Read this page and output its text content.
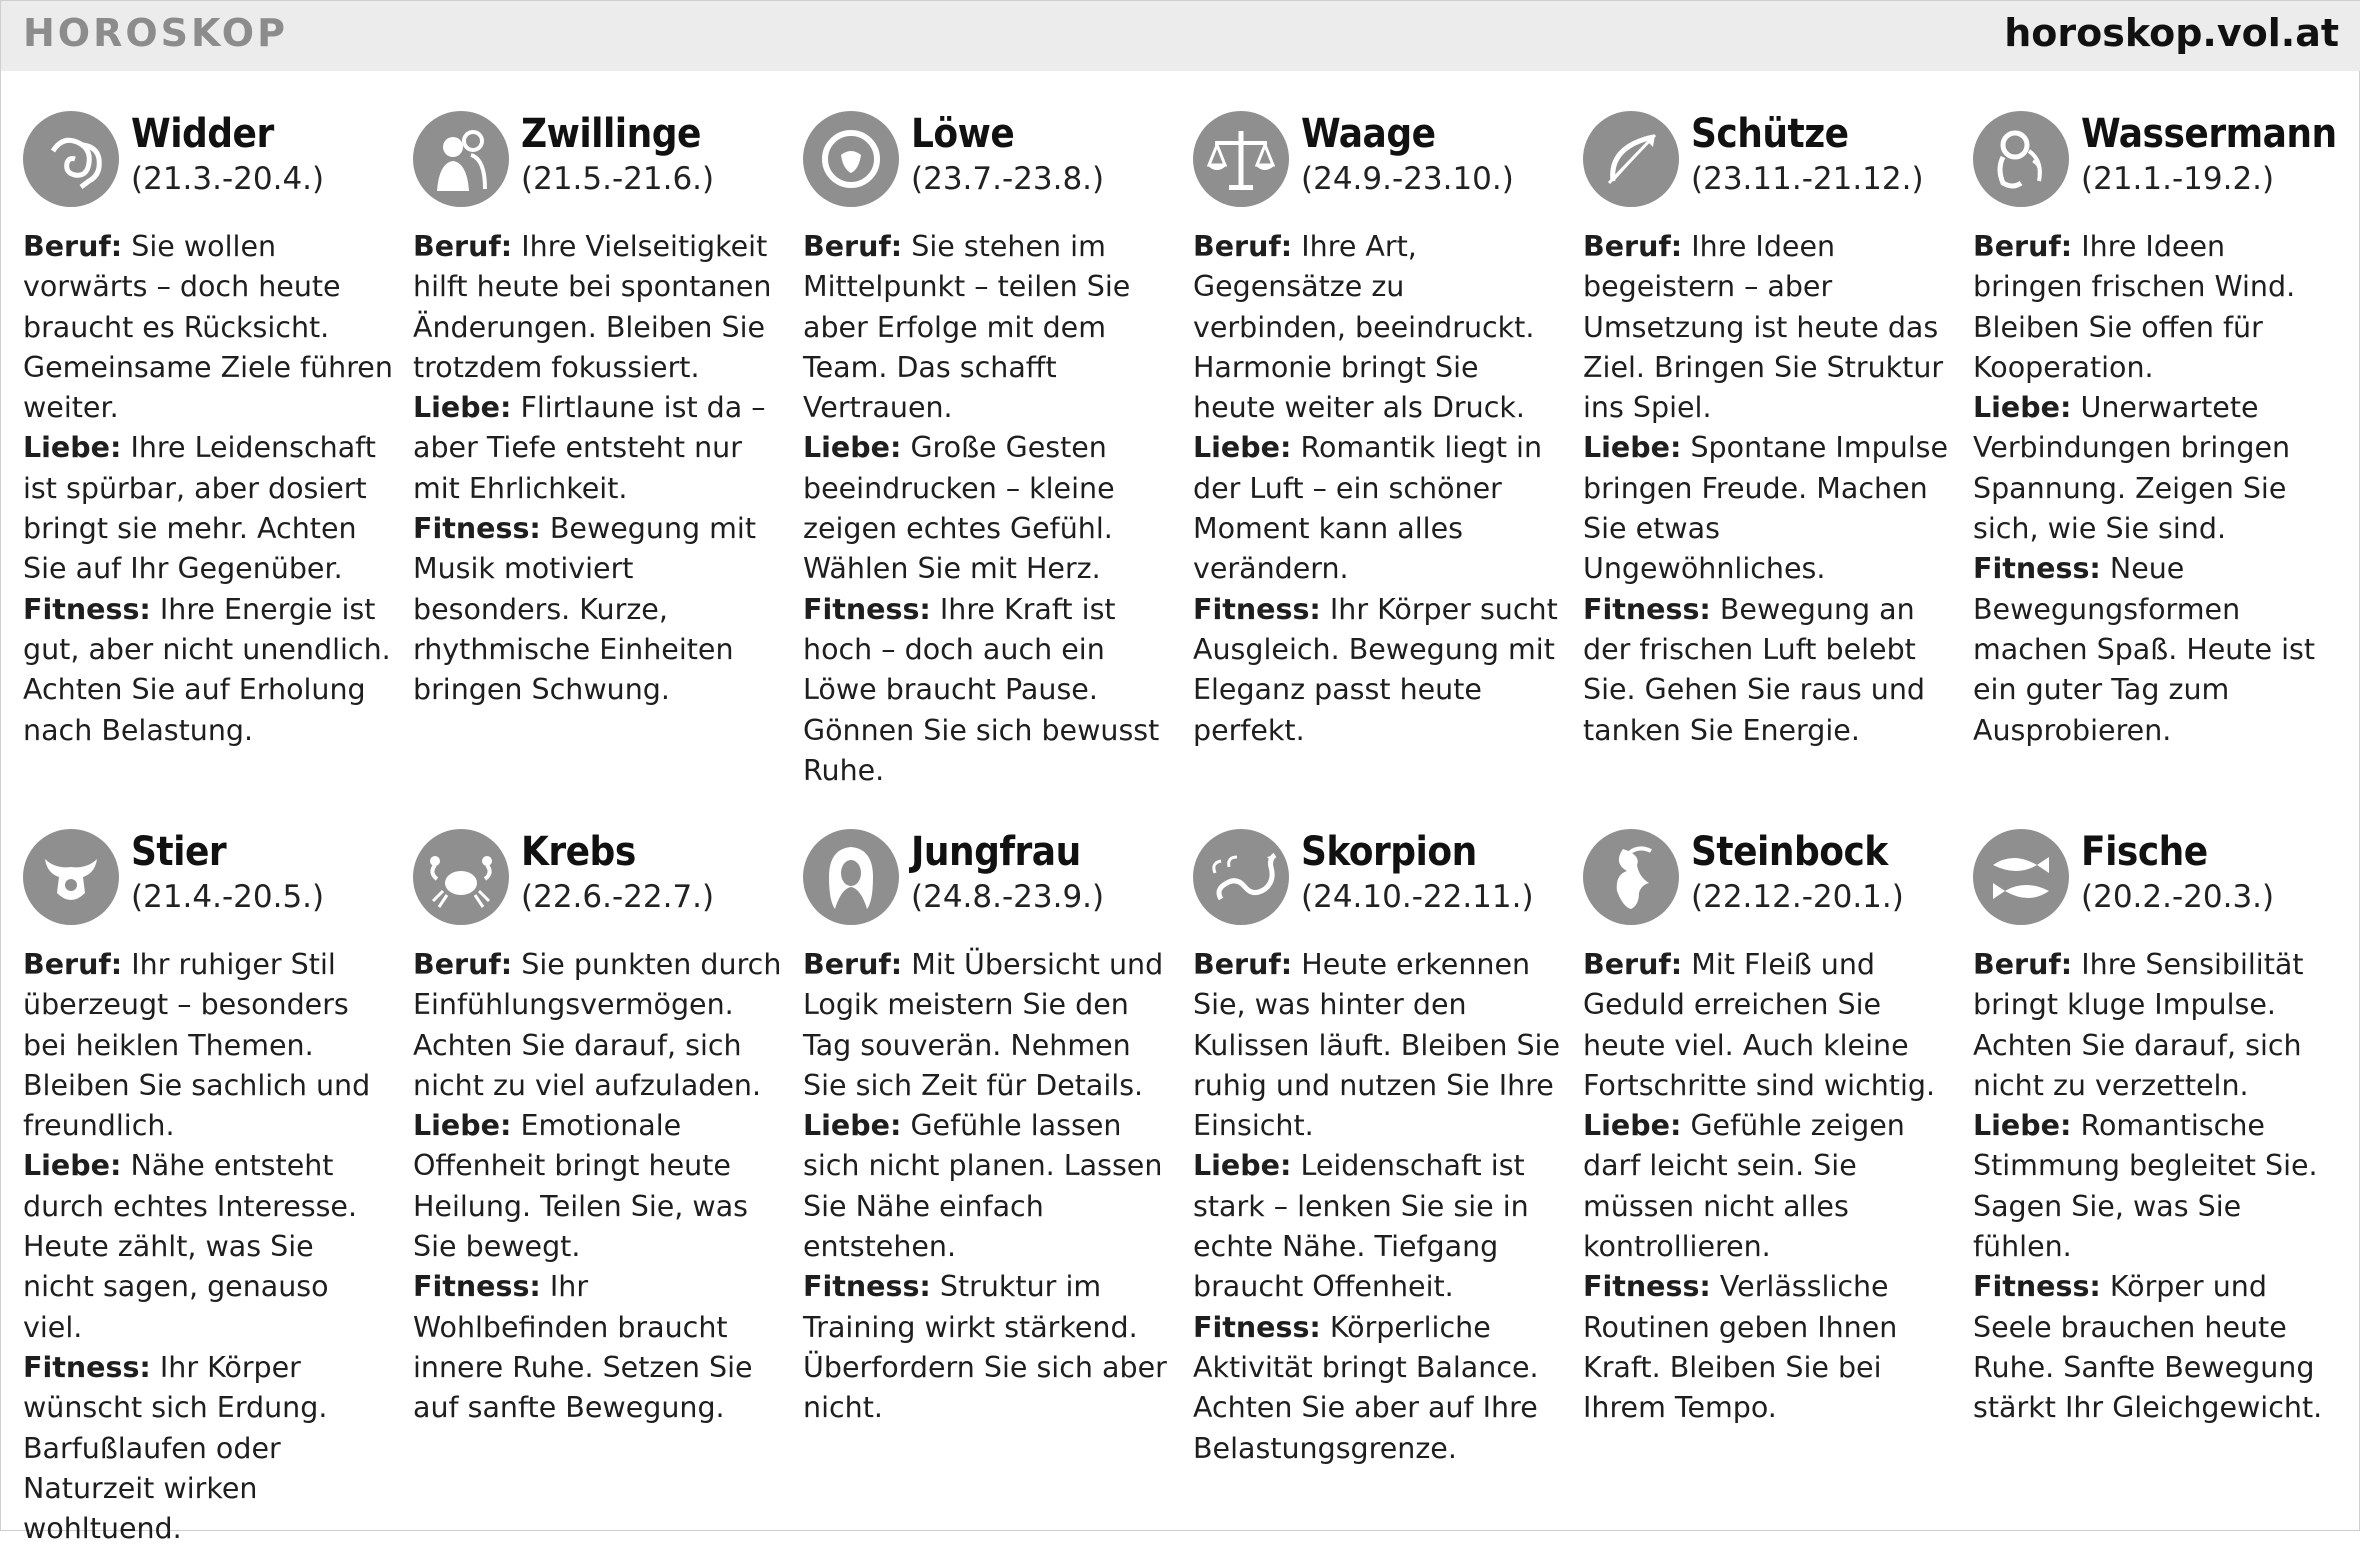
HOROSKOP	horoskop.vol.at
Widder
(21.3.-20.4.)

Beruf: Sie wollen vorwärts – doch heute braucht es Rücksicht. Gemeinsame Ziele führen weiter.

Liebe: Ihre Leidenschaft ist spürbar, aber dosiert bringt sie mehr. Achten Sie auf Ihr Gegenüber.

Fitness: Ihre Energie ist gut, aber nicht unendlich. Achten Sie auf Erholung nach Belastung.

Zwillinge
(21.5.-21.6.)

Beruf: Ihre Vielseitigkeit hilft heute bei spontanen Änderungen. Bleiben Sie trotzdem fokussiert.

Liebe: Flirtlaune ist da – aber Tiefe entsteht nur mit Ehrlichkeit.

Fitness: Bewegung mit Musik motiviert besonders. Kurze, rhythmische Einheiten bringen Schwung.

Löwe
(23.7.-23.8.)

Beruf: Sie stehen im Mittelpunkt – teilen Sie aber Erfolge mit dem Team. Das schafft Vertrauen.

Liebe: Große Gesten beeindrucken – kleine zeigen echtes Gefühl. Wählen Sie mit Herz.

Fitness: Ihre Kraft ist hoch – doch auch ein Löwe braucht Pause. Gönnen Sie sich bewusst Ruhe.

Waage
(24.9.-23.10.)

Beruf: Ihre Art, Gegensätze zu verbinden, beeindruckt. Harmonie bringt Sie heute weiter als Druck.

Liebe: Romantik liegt in der Luft – ein schöner Moment kann alles verändern.

Fitness: Ihr Körper sucht Ausgleich. Bewegung mit Eleganz passt heute perfekt.

Schütze
(23.11.-21.12.)

Beruf: Ihre Ideen begeistern – aber Umsetzung ist heute das Ziel. Bringen Sie Struktur ins Spiel.

Liebe: Spontane Impulse bringen Freude. Machen Sie etwas Ungewöhnliches.

Fitness: Bewegung an der frischen Luft belebt Sie. Gehen Sie raus und tanken Sie Energie.

Wassermann
(21.1.-19.2.)

Beruf: Ihre Ideen bringen frischen Wind. Bleiben Sie offen für Kooperation.

Liebe: Unerwartete Verbindungen bringen Spannung. Zeigen Sie sich, wie Sie sind.

Fitness: Neue Bewegungsformen machen Spaß. Heute ist ein guter Tag zum Ausprobieren.

Stier
(21.4.-20.5.)

Beruf: Ihr ruhiger Stil überzeugt – besonders bei heiklen Themen. Bleiben Sie sachlich und freundlich.

Liebe: Nähe entsteht durch echtes Interesse. Heute zählt, was Sie nicht sagen, genauso viel.

Fitness: Ihr Körper wünscht sich Erdung. Barfußlaufen oder Naturzeit wirken wohltuend.

Krebs
(22.6.-22.7.)

Beruf: Sie punkten durch Einfühlungsvermögen. Achten Sie darauf, sich nicht zu viel aufzuladen.

Liebe: Emotionale Offenheit bringt heute Heilung. Teilen Sie, was Sie bewegt.

Fitness: Ihr Wohlbefinden braucht innere Ruhe. Setzen Sie auf sanfte Bewegung.

Jungfrau
(24.8.-23.9.)

Beruf: Mit Übersicht und Logik meistern Sie den Tag souverän. Nehmen Sie sich Zeit für Details.

Liebe: Gefühle lassen sich nicht planen. Lassen Sie Nähe einfach entstehen.

Fitness: Struktur im Training wirkt stärkend. Überfordern Sie sich aber nicht.

Skorpion
(24.10.-22.11.)

Beruf: Heute erkennen Sie, was hinter den Kulissen läuft. Bleiben Sie ruhig und nutzen Sie Ihre Einsicht.

Liebe: Leidenschaft ist stark – lenken Sie sie in echte Nähe. Tiefgang braucht Offenheit.

Fitness: Körperliche Aktivität bringt Balance. Achten Sie aber auf Ihre Belastungsgrenze.

Steinbock
(22.12.-20.1.)

Beruf: Mit Fleiß und Geduld erreichen Sie heute viel. Auch kleine Fortschritte sind wichtig.

Liebe: Gefühle zeigen darf leicht sein. Sie müssen nicht alles kontrollieren.

Fitness: Verlässliche Routinen geben Ihnen Kraft. Bleiben Sie bei Ihrem Tempo.

Fische
(20.2.-20.3.)

Beruf: Ihre Sensibilität bringt kluge Impulse. Achten Sie darauf, sich nicht zu verzetteln.

Liebe: Romantische Stimmung begleitet Sie. Sagen Sie, was Sie fühlen.

Fitness: Körper und Seele brauchen heute Ruhe. Sanfte Bewegung stärkt Ihr Gleichgewicht.
